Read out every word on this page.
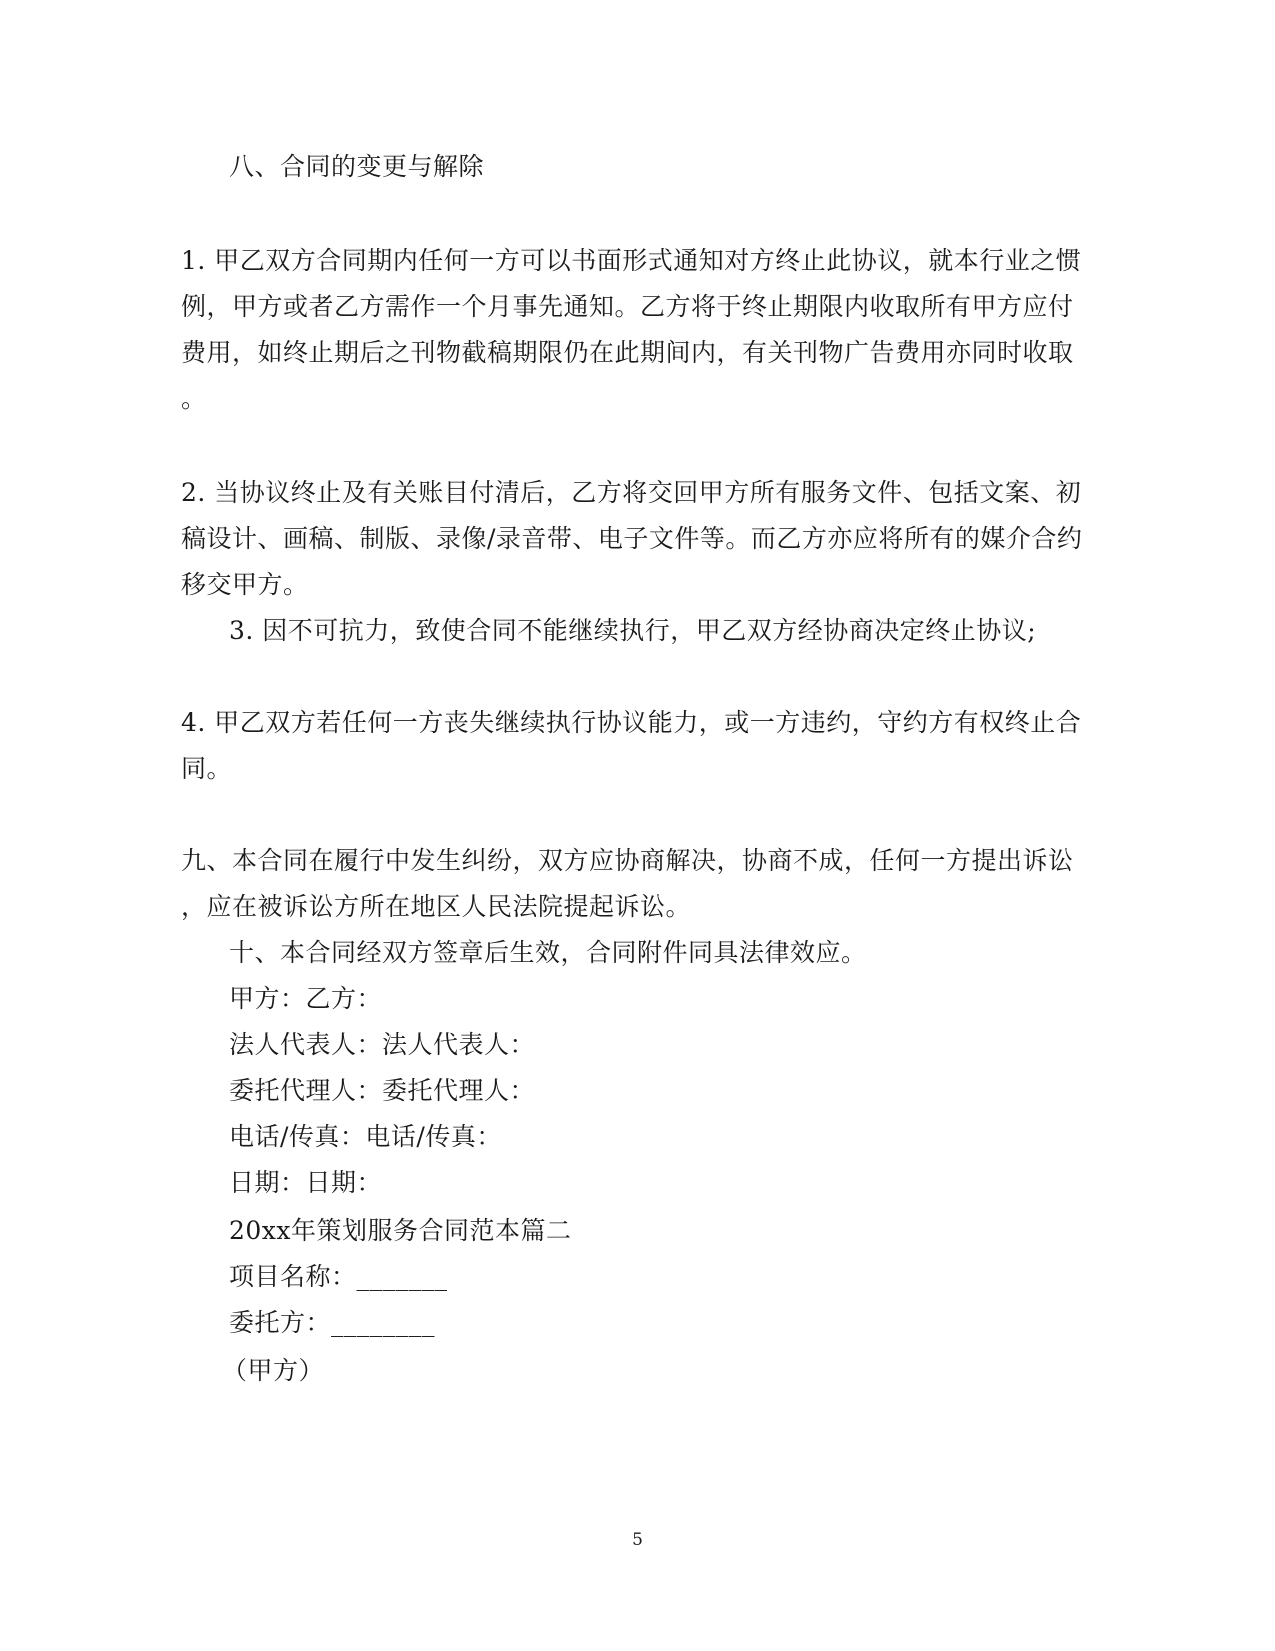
八、合同的变更与解除
1. 甲乙双方合同期内任何一方可以书面形式通知对方终止此协议，就本行业之惯
例，甲方或者乙方需作一个月事先通知。乙方将于终止期限内收取所有甲方应付
费用，如终止期后之刊物截稿期限仍在此期间内，有关刊物广告费用亦同时收取
。
2. 当协议终止及有关账目付清后，乙方将交回甲方所有服务文件、包括文案、初
稿设计、画稿、制版、录像/录音带、电子文件等。而乙方亦应将所有的媒介合约
移交甲方。
3. 因不可抗力，致使合同不能继续执行，甲乙双方经协商决定终止协议;
4. 甲乙双方若任何一方丧失继续执行协议能力，或一方违约，守约方有权终止合
同。
九、本合同在履行中发生纠纷，双方应协商解决，协商不成，任何一方提出诉讼
，应在被诉讼方所在地区人民法院提起诉讼。
十、本合同经双方签章后生效，合同附件同具法律效应。
甲方：乙方：
法人代表人：法人代表人：
委托代理人：委托代理人：
电话/传真：电话/传真：
日期：日期：
20xx年策划服务合同范本篇二
项目名称：_______
委托方：________
（甲方）
5
